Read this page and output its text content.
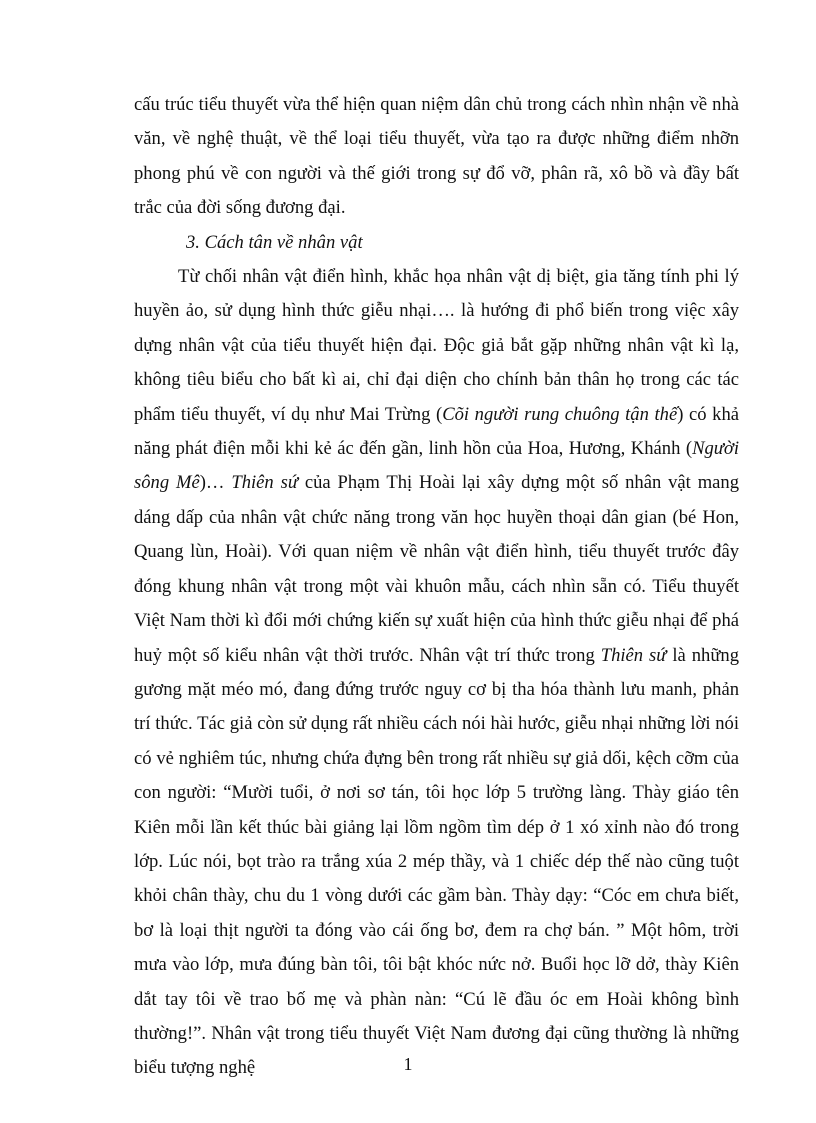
cấu trúc tiểu thuyết vừa thể hiện quan niệm dân chủ trong cách nhìn nhận về nhà văn, về nghệ thuật, về thể loại tiểu thuyết, vừa tạo ra được những điểm nhỡn phong phú về con người và thế giới trong sự đổ vỡ, phân rã, xô bồ và đầy bất trắc của đời sống đương đại.

3. Cách tân về nhân vật

Từ chối nhân vật điển hình, khắc họa nhân vật dị biệt, gia tăng tính phi lý huyền ảo, sử dụng hình thức giễu nhại…. là hướng đi phổ biến trong việc xây dựng nhân vật của tiểu thuyết hiện đại. Độc giả bắt gặp những nhân vật kì lạ, không tiêu biểu cho bất kì ai, chỉ đại diện cho chính bản thân họ trong các tác phẩm tiểu thuyết, ví dụ như Mai Trừng (Cõi người rung chuông tận thế) có khả năng phát điện mỗi khi kẻ ác đến gần, linh hồn của Hoa, Hương, Khánh (Người sông Mê)… Thiên sứ của Phạm Thị Hoài lại xây dựng một số nhân vật mang dáng dấp của nhân vật chức năng trong văn học huyền thoại dân gian (bé Hon, Quang lùn, Hoài). Với quan niệm về nhân vật điển hình, tiểu thuyết trước đây đóng khung nhân vật trong một vài khuôn mẫu, cách nhìn sẵn có. Tiểu thuyết Việt Nam thời kì đổi mới chứng kiến sự xuất hiện của hình thức giễu nhại để phá huỷ một số kiểu nhân vật thời trước. Nhân vật trí thức trong Thiên sứ là những gương mặt méo mó, đang đứng trước nguy cơ bị tha hóa thành lưu manh, phản trí thức. Tác giả còn sử dụng rất nhiều cách nói hài hước, giễu nhại những lời nói có vẻ nghiêm túc, nhưng chứa đựng bên trong rất nhiều sự giả dối, kệch cỡm của con người: “Mười tuổi, ở nơi sơ tán, tôi học lớp 5 trường làng. Thày giáo tên Kiên mỗi lần kết thúc bài giảng lại lồm ngồm tìm dép ở 1 xó xỉnh nào đó trong lớp. Lúc nói, bọt trào ra trắng xúa 2 mép thầy, và 1 chiếc dép thế nào cũng tuột khỏi chân thày, chu du 1 vòng dưới các gầm bàn. Thày dạy: “Cóc em chưa biết, bơ là loại thịt người ta đóng vào cái ống bơ, đem ra chợ bán. ” Một hôm, trời mưa vào lớp, mưa đúng bàn tôi, tôi bật khóc nức nở. Buổi học lỡ dở, thày Kiên dắt tay tôi về trao bố mẹ và phàn nàn: “Cú lẽ đầu óc em Hoài không bình thường!”. Nhân vật trong tiểu thuyết Việt Nam đương đại cũng thường là những biểu tượng nghệ	1
